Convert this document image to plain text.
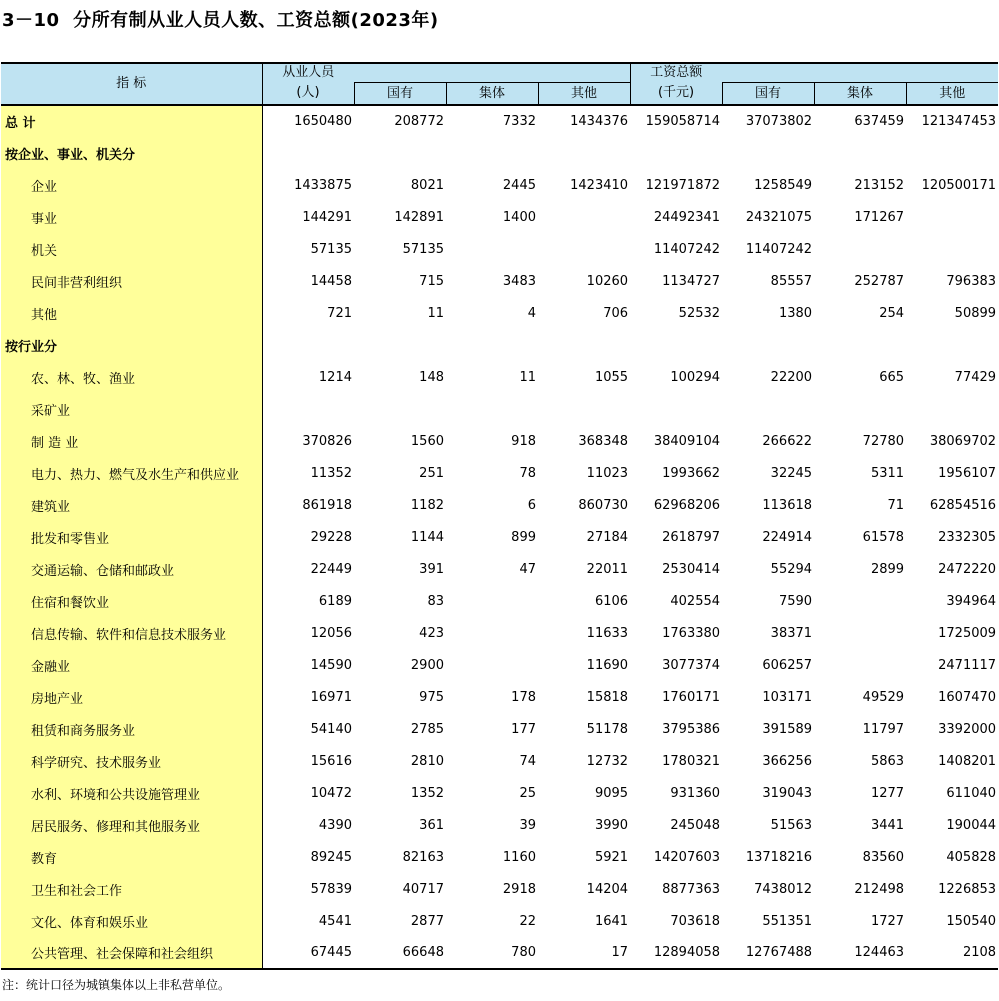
3－10  分所有制从业人员人数、工资总额(2023年)
指 标	从业人员				工资总额			
	(人)	国有	集体	其他	(千元)	国有	集体	其他
总 计	1650480	208772	7332	1434376	159058714	37073802	637459	121347453
按企业、事业、机关分								
企业	1433875	8021	2445	1423410	121971872	1258549	213152	120500171
事业	144291	142891	1400		24492341	24321075	171267	
机关	57135	57135			11407242	11407242		
民间非营利组织	14458	715	3483	10260	1134727	85557	252787	796383
其他	721	11	4	706	52532	1380	254	50899
按行业分								
农、林、牧、渔业	1214	148	11	1055	100294	22200	665	77429
采矿业								
制 造 业	370826	1560	918	368348	38409104	266622	72780	38069702
电力、热力、燃气及水生产和供应业	11352	251	78	11023	1993662	32245	5311	1956107
建筑业	861918	1182	6	860730	62968206	113618	71	62854516
批发和零售业	29228	1144	899	27184	2618797	224914	61578	2332305
交通运输、仓储和邮政业	22449	391	47	22011	2530414	55294	2899	2472220
住宿和餐饮业	6189	83		6106	402554	7590		394964
信息传输、软件和信息技术服务业	12056	423		11633	1763380	38371		1725009
金融业	14590	2900		11690	3077374	606257		2471117
房地产业	16971	975	178	15818	1760171	103171	49529	1607470
租赁和商务服务业	54140	2785	177	51178	3795386	391589	11797	3392000
科学研究、技术服务业	15616	2810	74	12732	1780321	366256	5863	1408201
水利、环境和公共设施管理业	10472	1352	25	9095	931360	319043	1277	611040
居民服务、修理和其他服务业	4390	361	39	3990	245048	51563	3441	190044
教育	89245	82163	1160	5921	14207603	13718216	83560	405828
卫生和社会工作	57839	40717	2918	14204	8877363	7438012	212498	1226853
文化、体育和娱乐业	4541	2877	22	1641	703618	551351	1727	150540
公共管理、社会保障和社会组织	67445	66648	780	17	12894058	12767488	124463	2108
注：统计口径为城镇集体以上非私营单位。
